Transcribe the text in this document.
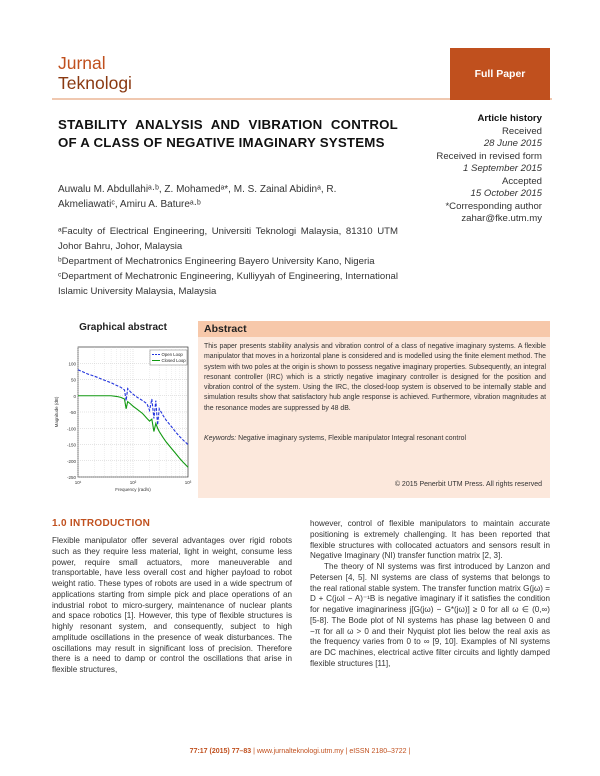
Jurnal
Teknologi	Full Paper
STABILITY ANALYSIS AND VIBRATION CONTROL OF A CLASS OF NEGATIVE IMAGINARY SYSTEMS
Auwalu M. Abdullahiᵃ·ᵇ, Z. Mohamedᵃ*, M. S. Zainal Abidinᵃ, R. Akmeliawatiᶜ, Amiru A. Batureᵃ·ᵇ
ᵃFaculty of Electrical Engineering, Universiti Teknologi Malaysia, 81310 UTM Johor Bahru, Johor, Malaysia
ᵇDepartment of Mechatronics Engineering Bayero University Kano, Nigeria
ᶜDepartment of Mechatronic Engineering, Kulliyyah of Engineering, International Islamic University Malaysia, Malaysia
Article history
Received
28 June 2015
Received in revised form
1 September 2015
Accepted
15 October 2015
*Corresponding author
zahar@fke.utm.my
Graphical abstract
100
50
0
-50
-100
-150
-200
-250
10¹	10²	10³
Frequency (rad/s)
Magnitude (dB)
Open Loop
Closed Loop
Abstract
This paper presents stability analysis and vibration control of a class of negative imaginary systems. A flexible manipulator that moves in a horizontal plane is considered and is modelled using the finite element method. The system with two poles at the origin is shown to possess negative imaginary properties. Subsequently, an integral resonant controller (IRC) which is a strictly negative imaginary controller is designed for the position and vibration control of the system. Using the IRC, the closed-loop system is observed to be internally stable and simulation results show that satisfactory hub angle response is achieved. Furthermore, vibration magnitudes at the resonance modes are suppressed by 48 dB.
Keywords: Negative imaginary systems, Flexible manipulator Integral resonant control
© 2015 Penerbit UTM Press. All rights reserved
1.0 INTRODUCTION

Flexible manipulator offer several advantages over rigid robots such as they require less material, light in weight, consume less power, require small actuators, more maneuverable and transportable, have less overall cost and higher payload to robot weight ratio. These types of robots are used in a wide spectrum of applications starting from simple pick and place operations of an industrial robot to micro-surgery, maintenance of nuclear plants and space robotics [1]. However, this type of flexible structures is highly resonant system, and consequently, subject to high amplitude oscillations in the presence of weak disturbances. The oscillations may result in significant loss of precision. Therefore there is a need to damp or control the oscillations that arise in flexible structures,

however, control of flexible manipulators to maintain accurate positioning is extremely challenging. It has been reported that flexible structures with collocated actuators and sensors result in Negative Imaginary (NI) transfer function matrix [2, 3].

The theory of NI systems was first introduced by Lanzon and Petersen [4, 5]. NI systems are class of systems that belongs to the real rational stable system. The transfer function matrix G(jω) = D + C(jωI − A)⁻¹B is negative imaginary if it satisfies the condition for negative imaginariness j[G(jω) − G*(jω)] ≥ 0 for all ω ∈ (0,∞) [5-8]. The Bode plot of NI systems has phase lag between 0 and −π for all ω > 0 and their Nyquist plot lies below the real axis as the frequency varies from 0 to ∞ [9, 10]. Examples of NI systems are DC machines, electrical active filter circuits and lightly damped flexible structures [11],

77:17 (2015) 77–83 | www.jurnalteknologi.utm.my | eISSN 2180–3722 |
